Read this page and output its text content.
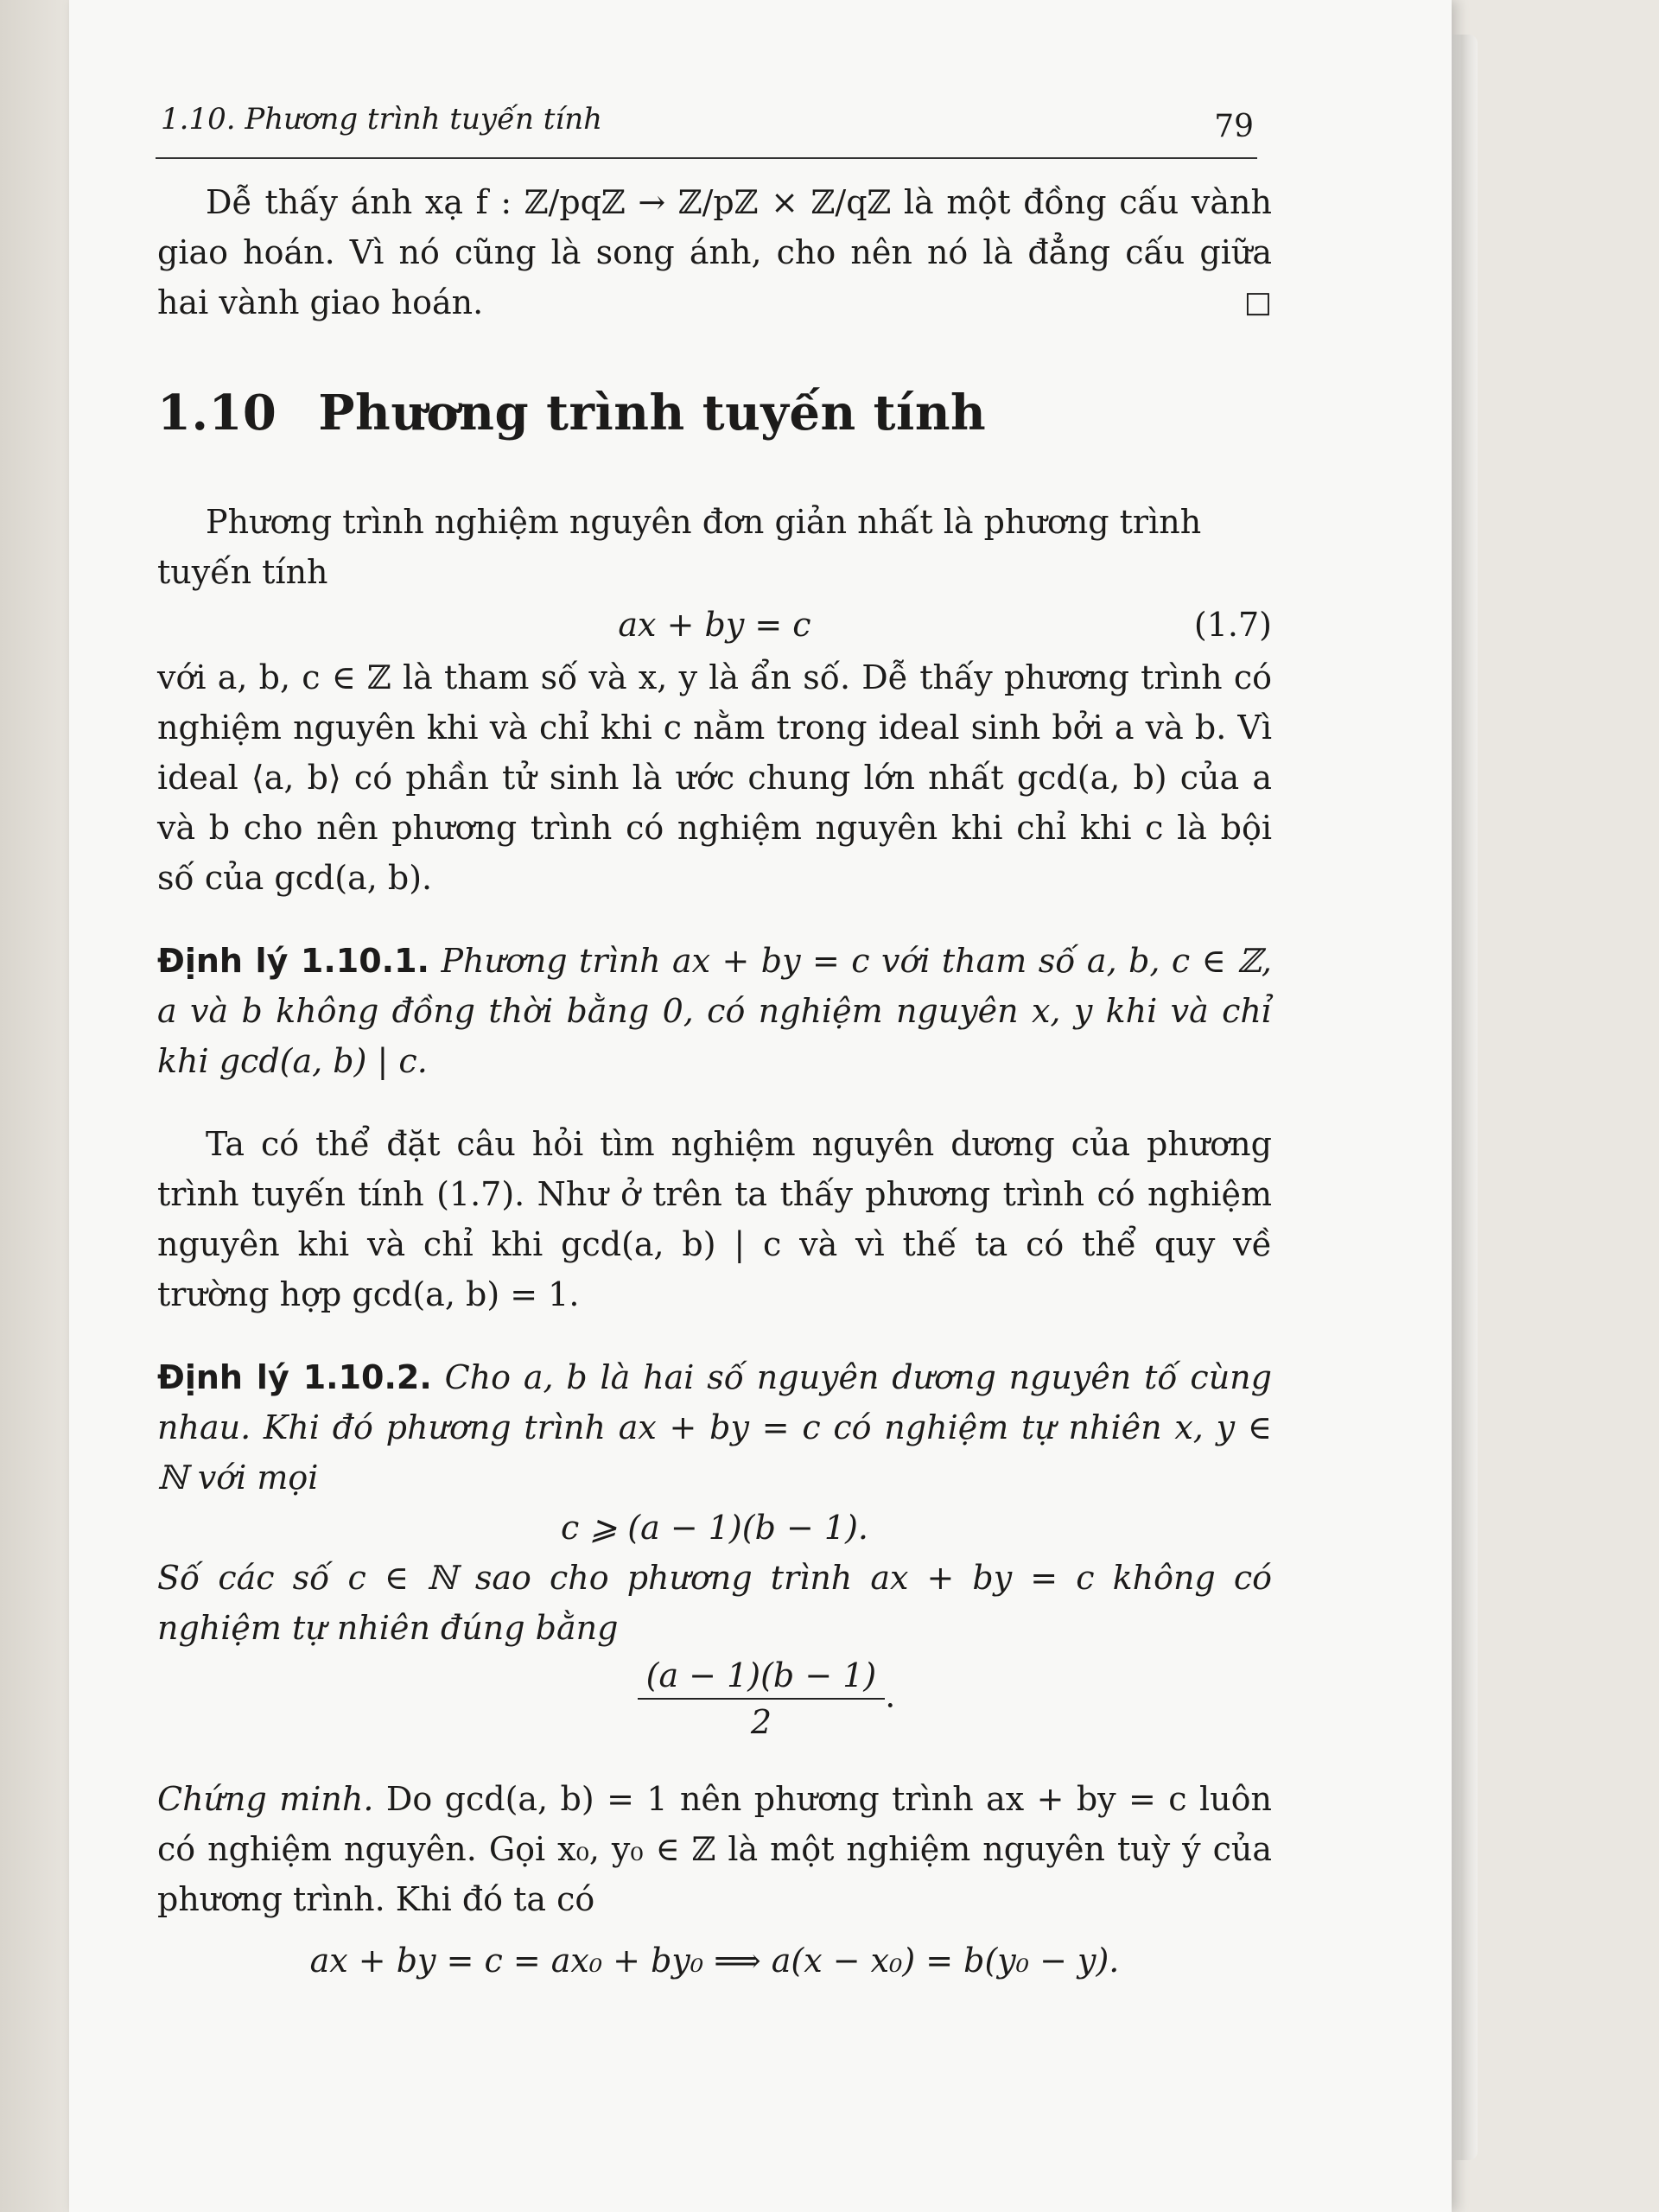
1.10. Phương trình tuyến tính	79

Dễ thấy ánh xạ f : ℤ/pqℤ → ℤ/pℤ × ℤ/qℤ là một đồng cấu vành giao hoán. Vì nó cũng là song ánh, cho nên nó là đẳng cấu giữa hai vành giao hoán.	□

1.10 Phương trình tuyến tính

Phương trình nghiệm nguyên đơn giản nhất là phương trình tuyến tính

ax + by = c	(1.7)

với a, b, c ∈ ℤ là tham số và x, y là ẩn số. Dễ thấy phương trình có nghiệm nguyên khi và chỉ khi c nằm trong ideal sinh bởi a và b. Vì ideal ⟨a, b⟩ có phần tử sinh là ước chung lớn nhất gcd(a, b) của a và b cho nên phương trình có nghiệm nguyên khi chỉ khi c là bội số của gcd(a, b).

Định lý 1.10.1. Phương trình ax + by = c với tham số a, b, c ∈ ℤ, a và b không đồng thời bằng 0, có nghiệm nguyên x, y khi và chỉ khi gcd(a, b) | c.

Ta có thể đặt câu hỏi tìm nghiệm nguyên dương của phương trình tuyến tính (1.7). Như ở trên ta thấy phương trình có nghiệm nguyên khi và chỉ khi gcd(a, b) | c và vì thế ta có thể quy về trường hợp gcd(a, b) = 1.

Định lý 1.10.2. Cho a, b là hai số nguyên dương nguyên tố cùng nhau. Khi đó phương trình ax + by = c có nghiệm tự nhiên x, y ∈ ℕ với mọi

c ⩾ (a − 1)(b − 1).

Số các số c ∈ ℕ sao cho phương trình ax + by = c không có nghiệm tự nhiên đúng bằng

$\frac{(a - 1)(b - 1)}{2}$ .

Chứng minh. Do gcd(a, b) = 1 nên phương trình ax + by = c luôn có nghiệm nguyên. Gọi x₀, y₀ ∈ ℤ là một nghiệm nguyên tuỳ ý của phương trình. Khi đó ta có

ax + by = c = ax₀ + by₀ ⟹ a(x − x₀) = b(y₀ − y).
